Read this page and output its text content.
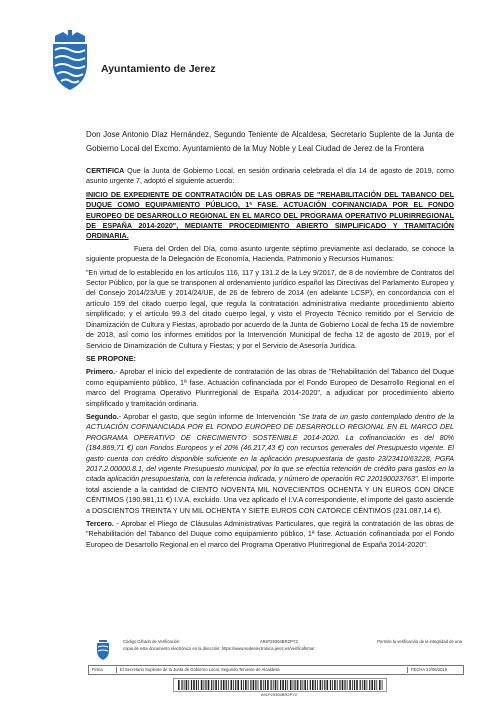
Ayuntamiento de Jerez

Don Jose Antonio Díaz Hernández, Segundo Teniente de Alcaldesa, Secretario Suplente de la Junta de Gobierno Local del Excmo. Ayuntamiento de la Muy Noble y Leal Ciudad de Jerez de la Frontera

CERTIFICA Que la Junta de Gobierno Local, en sesión ordinaria celebrada el día 14 de agosto de 2019, como asunto urgente 7, adoptó el siguiente acuerdo:

INICIO DE EXPEDIENTE DE CONTRATACIÓN DE LAS OBRAS DE "REHABILITACIÓN DEL TABANCO DEL DUQUE COMO EQUIPAMIENTO PÚBLICO, 1ª FASE. ACTUACIÓN COFINANCIADA POR EL FONDO EUROPEO DE DESARROLLO REGIONAL EN EL MARCO DEL PROGRAMA OPERATIVO PLURIRREGIONAL DE ESPAÑA 2014-2020", MEDIANTE PROCEDIMIENTO ABIERTO SIMPLIFICADO Y TRAMITACIÓN ORDINARIA.

Fuera del Orden del Día, como asunto urgente séptimo previamente así declarado, se conoce la siguiente propuesta de la Delegación de Economía, Hacienda, Patrimonio y Recursos Humanos:

"En virtud de lo establecido en los artículos 116, 117 y 131.2 de la Ley 9/2017, de 8 de noviembre de Contratos del Sector Público, por la que se transponen al ordenamiento jurídico español las Directivas del Parlamento Europeo y del Consejo 2014/23/UE y 2014/24/UE, de 26 de febrero de 2014 (en adelante LCSP), en concordancia con el artículo 159 del citado cuerpo legal, que regula la contratación administrativa mediante procedimiento abierto simplificado; y el artículo 99.3 del citado cuerpo legal, y visto el Proyecto Técnico remitido por el Servicio de Dinamización de Cultura y Fiestas, aprobado por acuerdo de la Junta de Gobierno Local de fecha 15 de noviembre de 2018, así como los informes emitidos por la Intervención Municipal de fecha 12 de agosto de 2019, por el Servicio de Dinamización de Cultura y Fiestas; y por el Servicio de Asesoría Jurídica.

SE PROPONE:

Primero.- Aprobar el inicio del expediente de contratación de las obras de "Rehabilitación del Tabanco del Duque como equipamiento público, 1ª fase. Actuación cofinanciada por el Fondo Europeo de Desarrollo Regional en el marco del Programa Operativo Plurirregional de España 2014-2020", a adjudicar por procedimiento abierto simplificado y tramitación ordinaria.

Segundo.- Aprobar el gasto, que según informe de Intervención "Se trata de un gasto contemplado dentro de la ACTUACIÓN COFINANCIADA POR EL FONDO EUROPEO DE DESARROLLO REGIONAL EN EL MARCO DEL PROGRAMA OPERATIVO DE CRECIMIENTO SOSTENIBLE 2014-2020. La cofinanciación es del 80% (184.869,71 €) con Fondos Europeos y el 20% (46.217,43 €) con recursos generales del Presupuesto vigente. El gasto cuenta con crédito disponible suficiente en la aplicación presupuestaria de gasto 23/23410/63228, PGFA 2017.2.00000.8.1, del vigente Presupuesto municipal, por lo que se efectúa retención de crédito para gastos en la citada aplicación presupuestaria, con la referencia indicada, y número de operación RC 220190023763". El importe total asciende a la cantidad de CIENTO NOVENTA MIL NOVECIENTOS OCHENTA Y UN EUROS CON ONCE CÉNTIMOS (190.981,11 €) I.V.A. excluido. Una vez aplicado el I.V.A correspondiente, el importe del gasto asciende a DOSCIENTOS TREINTA Y UN MIL OCHENTA Y SIETE EUROS CON CATORCE CÉNTIMOS (231.087,14 €).

Tercero. - Aprobar el Pliego de Cláusulas Administrativas Particulares, que regirá la contratación de las obras de "Rehabilitación del Tabanco del Duque como equipamiento público, 1ª fase. Actuación cofinanciada por el Fondo Europeo de Desarrollo Regional en el marco del Programa Operativo Plurirregional de España 2014-2020".

Código Cifrado de Verificación:	A91P29304BR2PY2	Permite la verificación de la integridad de una
copia de este documento electrónico en la dirección: https://www.sedeelectronica.jerez.es/verificafirma/
Firma	El Secretario Suplente de la Junta de Gobierno Local, Segundo Teniente de Alcaldesa	FECHA 22/08/2019
A91P29304BR2PY2
